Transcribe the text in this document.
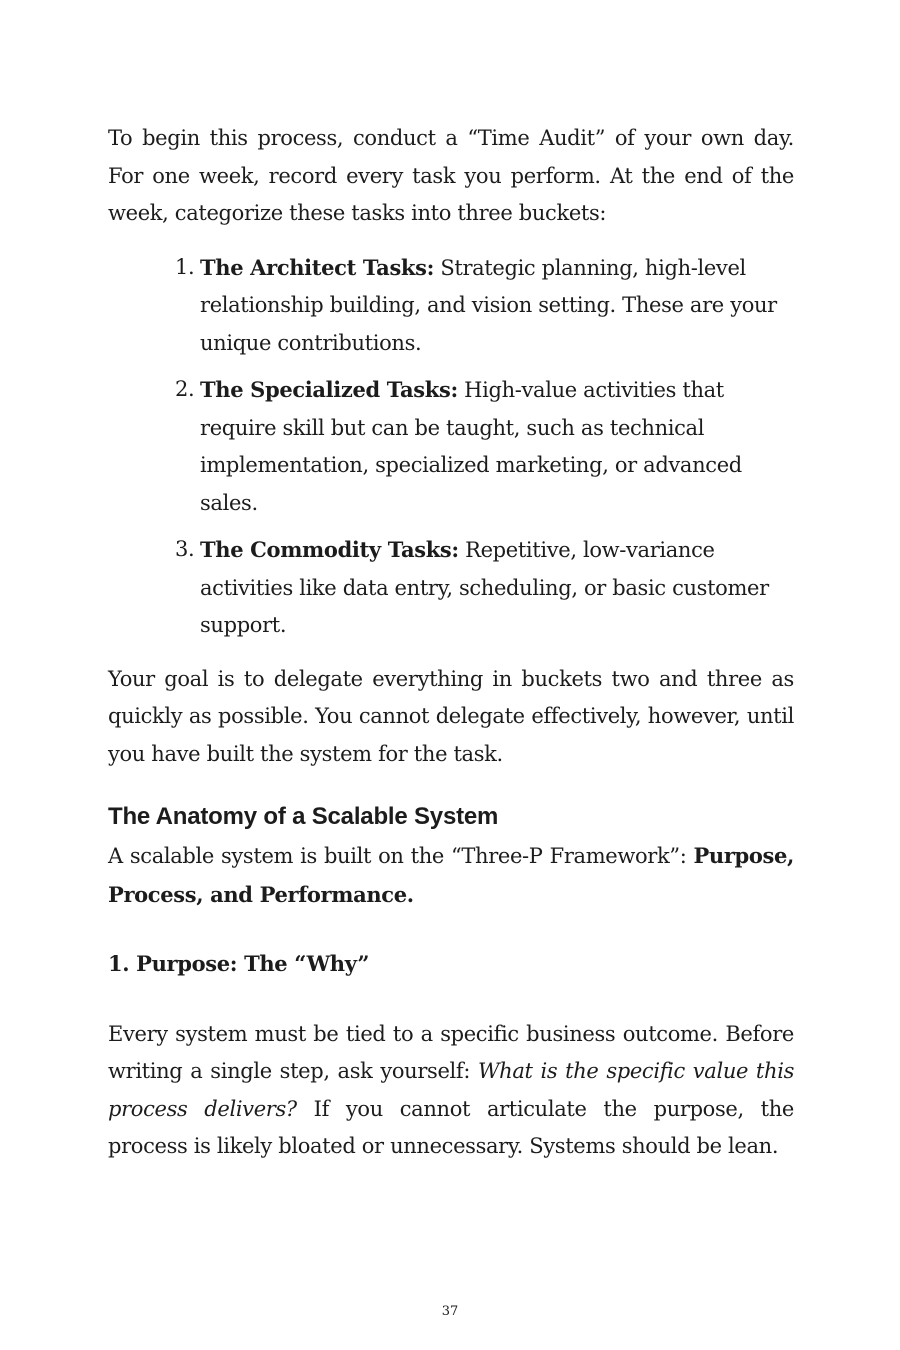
To begin this process, conduct a “Time Audit” of your own day. For one week, record every task you perform. At the end of the week, categorize these tasks into three buckets:

1. The Architect Tasks: Strategic planning, high-level relationship building, and vision setting. These are your unique contributions.
2. The Specialized Tasks: High-value activities that require skill but can be taught, such as technical implementation, specialized marketing, or advanced sales.
3. The Commodity Tasks: Repetitive, low-variance activities like data entry, scheduling, or basic customer support.

Your goal is to delegate everything in buckets two and three as quickly as possible. You cannot delegate effectively, however, until you have built the system for the task.

The Anatomy of a Scalable System

A scalable system is built on the “Three-P Framework”: Purpose, Process, and Performance.

1. Purpose: The “Why”

Every system must be tied to a specific business outcome. Before writing a single step, ask yourself: What is the specific value this process delivers? If you cannot articulate the purpose, the process is likely bloated or unnecessary. Systems should be lean.

37
